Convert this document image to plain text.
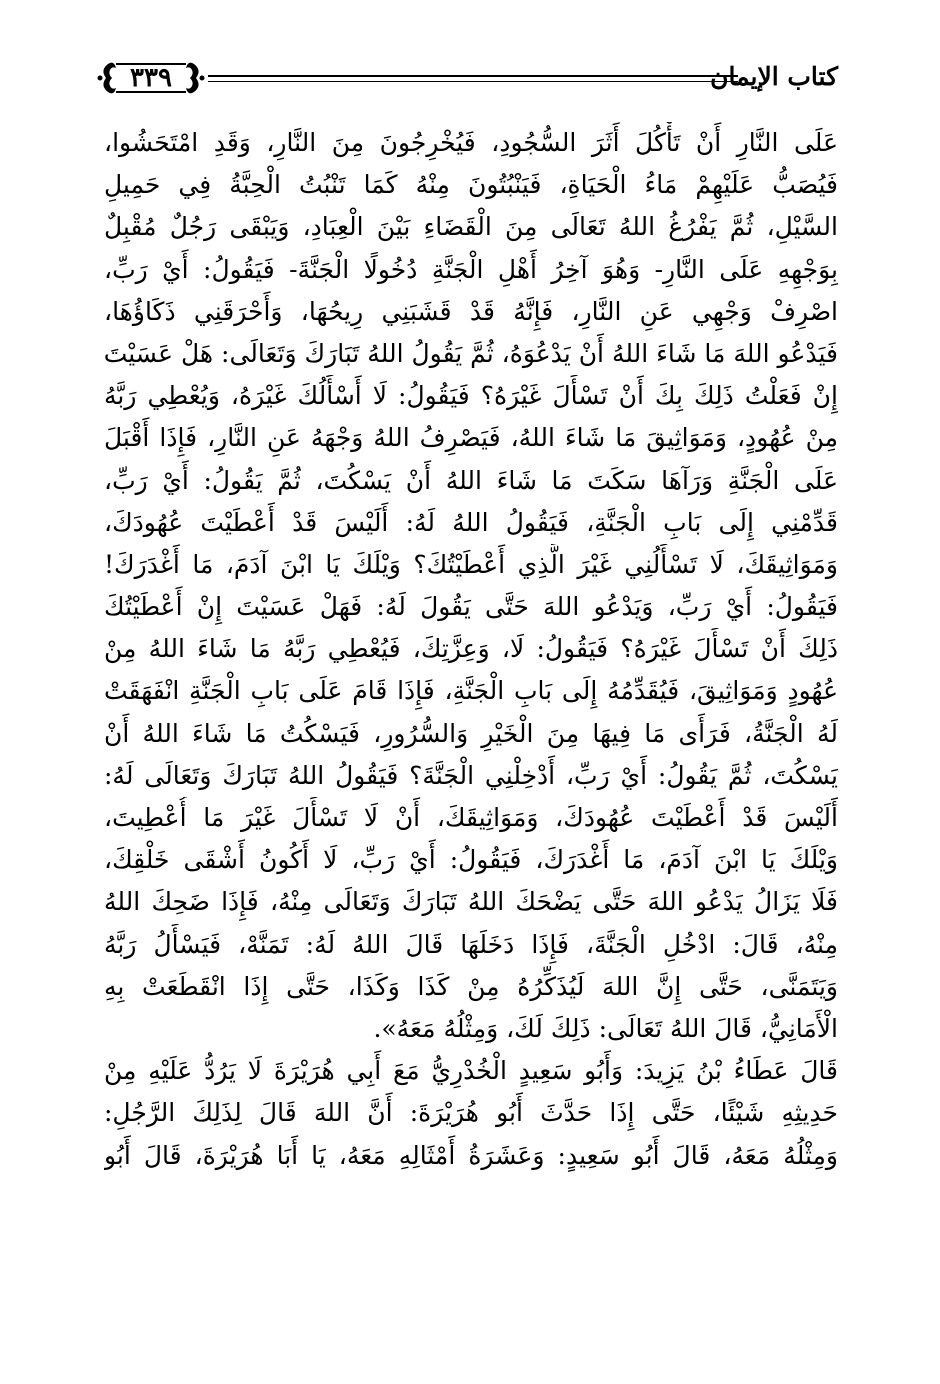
٣٣٩	كتاب الإيمان
عَلَى النَّارِ أَنْ تَأْكُلَ أَثَرَ السُّجُودِ، فَيُخْرِجُونَ مِنَ النَّارِ، وَقَدِ امْتَحَشُوا،
فَيُصَبُّ عَلَيْهِمْ مَاءُ الْحَيَاةِ، فَيَنْبُتُونَ مِنْهُ كَمَا تَنْبُتُ الْحِبَّةُ فِي حَمِيلِ
السَّيْلِ، ثُمَّ يَفْرُغُ اللهُ تَعَالَى مِنَ الْقَضَاءِ بَيْنَ الْعِبَادِ، وَيَبْقَى رَجُلٌ مُقْبِلٌ
بِوَجْهِهِ عَلَى النَّارِ- وَهُوَ آخِرُ أَهْلِ الْجَنَّةِ دُخُولًا الْجَنَّةَ- فَيَقُولُ: أَيْ رَبِّ،
اصْرِفْ وَجْهِي عَنِ النَّارِ، فَإِنَّهُ قَدْ قَشَبَنِي رِيحُهَا، وَأَحْرَقَنِي ذَكَاؤُهَا،
فَيَدْعُو اللهَ مَا شَاءَ اللهُ أَنْ يَدْعُوَهُ، ثُمَّ يَقُولُ اللهُ تَبَارَكَ وَتَعَالَى: هَلْ عَسَيْتَ
إِنْ فَعَلْتُ ذَلِكَ بِكَ أَنْ تَسْأَلَ غَيْرَهُ؟ فَيَقُولُ: لَا أَسْأَلُكَ غَيْرَهُ، وَيُعْطِي رَبَّهُ
مِنْ عُهُودٍ، وَمَوَاثِيقَ مَا شَاءَ اللهُ، فَيَصْرِفُ اللهُ وَجْهَهُ عَنِ النَّارِ، فَإِذَا أَقْبَلَ
عَلَى الْجَنَّةِ وَرَآهَا سَكَتَ مَا شَاءَ اللهُ أَنْ يَسْكُتَ، ثُمَّ يَقُولُ: أَيْ رَبِّ،
قَدِّمْنِي إِلَى بَابِ الْجَنَّةِ، فَيَقُولُ اللهُ لَهُ: أَلَيْسَ قَدْ أَعْطَيْتَ عُهُودَكَ،
وَمَوَاثِيقَكَ، لَا تَسْأَلُنِي غَيْرَ الَّذِي أَعْطَيْتُكَ؟ وَيْلَكَ يَا ابْنَ آدَمَ، مَا أَغْدَرَكَ!
فَيَقُولُ: أَيْ رَبِّ، وَيَدْعُو اللهَ حَتَّى يَقُولَ لَهُ: فَهَلْ عَسَيْتَ إِنْ أَعْطَيْتُكَ
ذَلِكَ أَنْ تَسْأَلَ غَيْرَهُ؟ فَيَقُولُ: لَا، وَعِزَّتِكَ، فَيُعْطِي رَبَّهُ مَا شَاءَ اللهُ مِنْ
عُهُودٍ وَمَوَاثِيقَ، فَيُقَدِّمُهُ إِلَى بَابِ الْجَنَّةِ، فَإِذَا قَامَ عَلَى بَابِ الْجَنَّةِ انْفَهَقَتْ
لَهُ الْجَنَّةُ، فَرَأَى مَا فِيهَا مِنَ الْخَيْرِ وَالسُّرُورِ، فَيَسْكُتُ مَا شَاءَ اللهُ أَنْ
يَسْكُتَ، ثُمَّ يَقُولُ: أَيْ رَبِّ، أَدْخِلْنِي الْجَنَّةَ؟ فَيَقُولُ اللهُ تَبَارَكَ وَتَعَالَى لَهُ:
أَلَيْسَ قَدْ أَعْطَيْتَ عُهُودَكَ، وَمَوَاثِيقَكَ، أَنْ لَا تَسْأَلَ غَيْرَ مَا أُعْطِيتَ،
وَيْلَكَ يَا ابْنَ آدَمَ، مَا أَغْدَرَكَ، فَيَقُولُ: أَيْ رَبِّ، لَا أَكُونُ أَشْقَى خَلْقِكَ،
فَلَا يَزَالُ يَدْعُو اللهَ حَتَّى يَضْحَكَ اللهُ تَبَارَكَ وَتَعَالَى مِنْهُ، فَإِذَا ضَحِكَ اللهُ
مِنْهُ، قَالَ: ادْخُلِ الْجَنَّةَ، فَإِذَا دَخَلَهَا قَالَ اللهُ لَهُ: تَمَنَّهْ، فَيَسْأَلُ رَبَّهُ
وَيَتَمَنَّى، حَتَّى إِنَّ اللهَ لَيُذَكِّرُهُ مِنْ كَذَا وَكَذَا، حَتَّى إِذَا انْقَطَعَتْ بِهِ
الْأَمَانِيُّ، قَالَ اللهُ تَعَالَى: ذَلِكَ لَكَ، وَمِثْلُهُ مَعَهُ».
قَالَ عَطَاءُ بْنُ يَزِيدَ: وَأَبُو سَعِيدٍ الْخُدْرِيُّ مَعَ أَبِي هُرَيْرَةَ لَا يَرُدُّ عَلَيْهِ مِنْ
حَدِيثِهِ شَيْئًا، حَتَّى إِذَا حَدَّثَ أَبُو هُرَيْرَةَ: أَنَّ اللهَ قَالَ لِذَلِكَ الرَّجُلِ:
وَمِثْلُهُ مَعَهُ، قَالَ أَبُو سَعِيدٍ: وَعَشَرَةُ أَمْثَالِهِ مَعَهُ، يَا أَبَا هُرَيْرَةَ، قَالَ أَبُو
